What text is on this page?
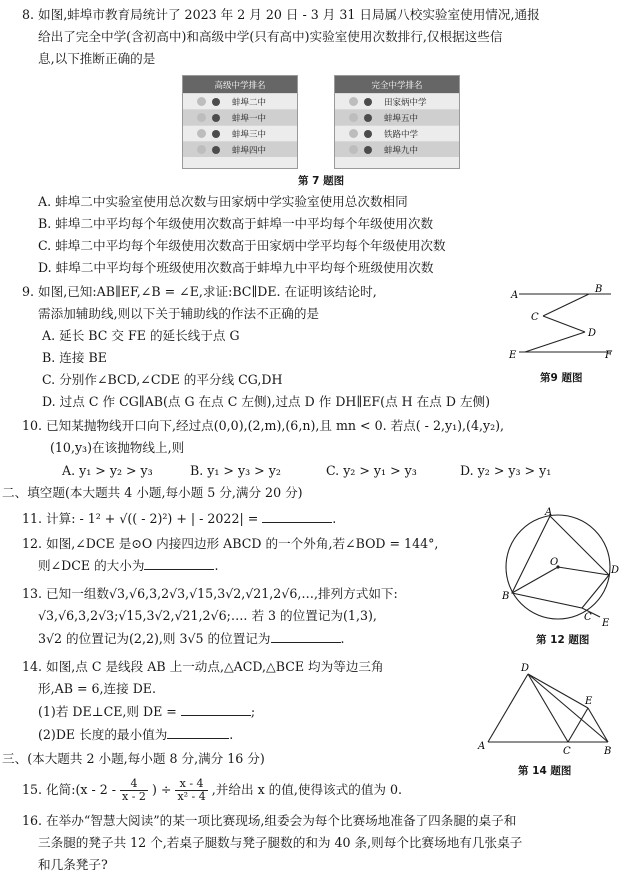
8. 如图,蚌埠市教育局统计了 2023 年 2 月 20 日 - 3 月 31 日局属八校实验室使用情况,通报
给出了完全中学(含初高中)和高级中学(只有高中)实验室使用次数排行,仅根据这些信
息,以下推断正确的是
高级中学排名
蚌埠二中
蚌埠一中
蚌埠三中
蚌埠四中
完全中学排名
田家炳中学
蚌埠五中
铁路中学
蚌埠九中
第 7 题图
A. 蚌埠二中实验室使用总次数与田家炳中学实验室使用总次数相同
B. 蚌埠二中平均每个年级使用次数高于蚌埠一中平均每个年级使用次数
C. 蚌埠二中平均每个年级使用次数高于田家炳中学平均每个年级使用次数
D. 蚌埠二中平均每个班级使用次数高于蚌埠九中平均每个班级使用次数
9. 如图,已知:AB∥EF,∠B = ∠E,求证:BC∥DE. 在证明该结论时,
需添加辅助线,则以下关于辅助线的作法不正确的是
A. 延长 BC 交 FE 的延长线于点 G
B. 连接 BE
C. 分别作∠BCD,∠CDE 的平分线 CG,DH
D. 过点 C 作 CG∥AB(点 G 在点 C 左侧),过点 D 作 DH∥EF(点 H 在点 D 左侧)
A
B
C
D
E	F
第9 题图
10. 已知某抛物线开口向下,经过点(0,0),(2,m),(6,n),且 mn < 0. 若点( - 2,y₁),(4,y₂),
(10,y₃)在该抛物线上,则
A. y₁ > y₂ > y₃	B. y₁ > y₃ > y₂	C. y₂ > y₁ > y₃	D. y₂ > y₃ > y₁
二、填空题(本大题共 4 小题,每小题 5 分,满分 20 分)
11. 计算: - 1² + √(( - 2)²) + | - 2022| =	.
12. 如图,∠DCE 是⊙O 内接四边形 ABCD 的一个外角,若∠BOD = 144°,
则∠DCE 的大小为	.
A
O
D
B
C
E
第 12 题图
13. 已知一组数√3,√6,3,2√3,√15,3√2,√21,2√6,…,排列方式如下:
√3,√6,3,2√3;√15,3√2,√21,2√6;…. 若 3 的位置记为(1,3),
3√2 的位置记为(2,2),则 3√5 的位置记为	.
14. 如图,点 C 是线段 AB 上一动点,△ACD,△BCE 均为等边三角
形,AB = 6,连接 DE.
(1)若 DE⊥CE,则 DE =	;
(2)DE 长度的最小值为	.
D
E
A	C	B
第 14 题图
三、(本大题共 2 小题,每小题 8 分,满分 16 分)
15. 化简:(x - $2 - \frac{4}{x - 2}$ ) ÷ $\frac{x - 4}{\text{x² - 4}}$ ,并给出 x 的值,使得该式的值为 0.
16. 在举办“智慧大阅读”的某一项比赛现场,组委会为每个比赛场地准备了四条腿的桌子和
三条腿的凳子共 12 个,若桌子腿数与凳子腿数的和为 40 条,则每个比赛场地有几张桌子
和几条凳子?
